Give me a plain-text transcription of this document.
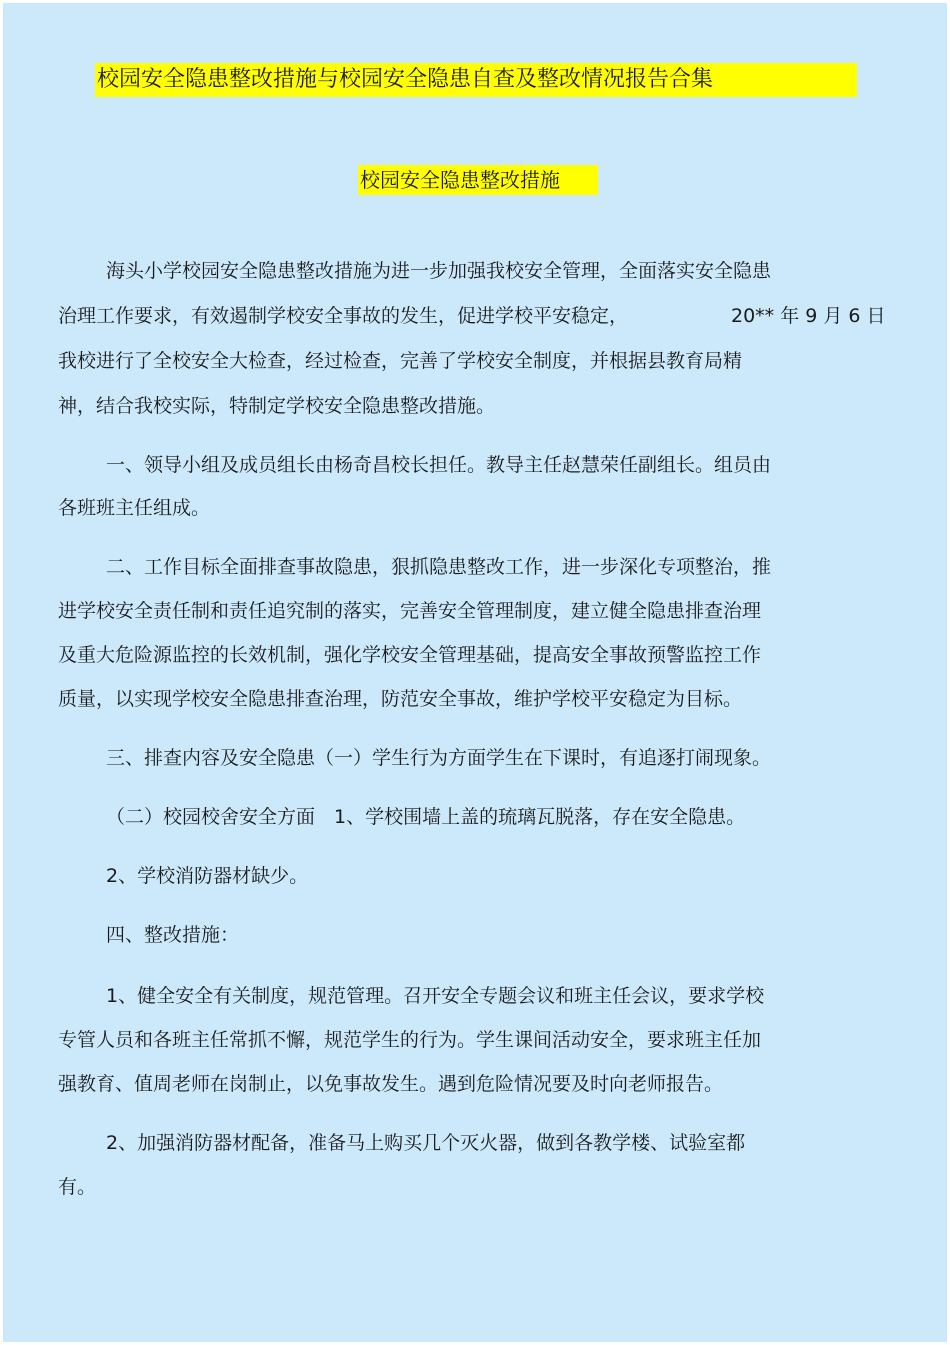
校园安全隐患整改措施与校园安全隐患自查及整改情况报告合集
校园安全隐患整改措施
海头小学校园安全隐患整改措施为进一步加强我校安全管理，全面落实安全隐患
治理工作要求，有效遏制学校安全事故的发生，促进学校平安稳定，	20** 年 9 月 6 日
我校进行了全校安全大检查，经过检查，完善了学校安全制度，并根据县教育局精
神，结合我校实际，特制定学校安全隐患整改措施。
一、领导小组及成员组长由杨奇昌校长担任。教导主任赵慧荣任副组长。组员由
各班班主任组成。
二、工作目标全面排查事故隐患，狠抓隐患整改工作，进一步深化专项整治，推
进学校安全责任制和责任追究制的落实，完善安全管理制度，建立健全隐患排查治理
及重大危险源监控的长效机制，强化学校安全管理基础，提高安全事故预警监控工作
质量，以实现学校安全隐患排查治理，防范安全事故，维护学校平安稳定为目标。
三、排查内容及安全隐患（一）学生行为方面学生在下课时，有追逐打闹现象。
（二）校园校舍安全方面　1、学校围墙上盖的琉璃瓦脱落，存在安全隐患。
2、学校消防器材缺少。
四、整改措施：
1、健全安全有关制度，规范管理。召开安全专题会议和班主任会议，要求学校
专管人员和各班主任常抓不懈，规范学生的行为。学生课间活动安全，要求班主任加
强教育、值周老师在岗制止，以免事故发生。遇到危险情况要及时向老师报告。
2、加强消防器材配备，准备马上购买几个灭火器，做到各教学楼、试验室都
有。
